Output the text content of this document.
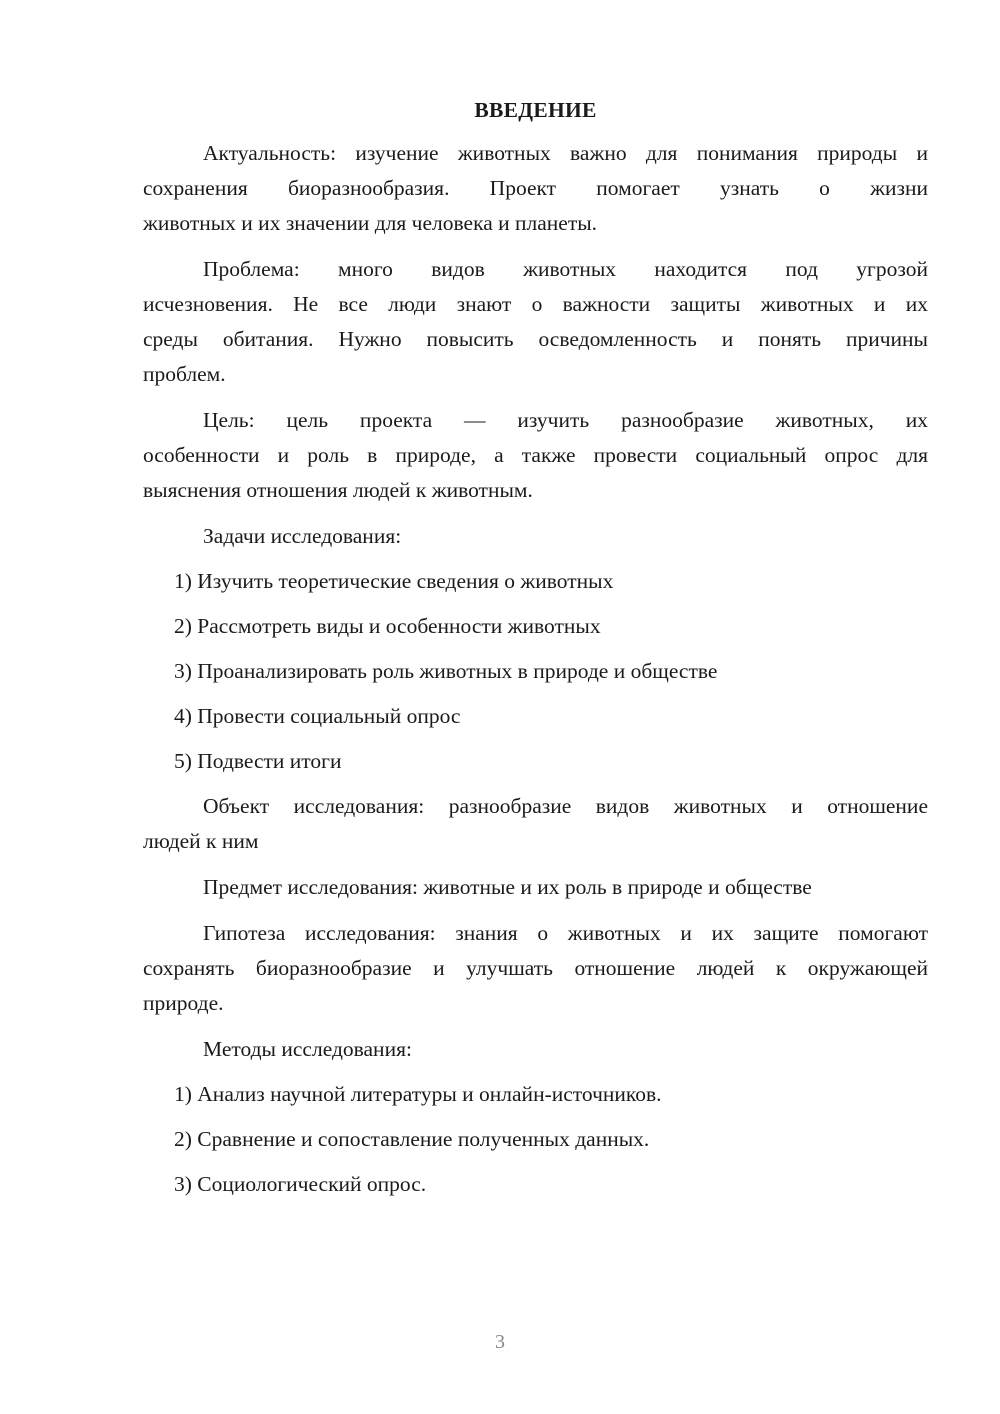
ВВЕДЕНИЕ
Актуальность: изучение животных важно для понимания природы и
сохранения биоразнообразия. Проект помогает узнать о жизни
животных и их значении для человека и планеты.
Проблема: много видов животных находится под угрозой
исчезновения. Не все люди знают о важности защиты животных и их
среды обитания. Нужно повысить осведомленность и понять причины
проблем.
Цель: цель проекта — изучить разнообразие животных, их
особенности и роль в природе, а также провести социальный опрос для
выяснения отношения людей к животным.
Задачи исследования:
1) Изучить теоретические сведения о животных
2) Рассмотреть виды и особенности животных
3) Проанализировать роль животных в природе и обществе
4) Провести социальный опрос
5) Подвести итоги
Объект исследования: разнообразие видов животных и отношение
людей к ним
Предмет исследования: животные и их роль в природе и обществе
Гипотеза исследования: знания о животных и их защите помогают
сохранять биоразнообразие и улучшать отношение людей к окружающей
природе.
Методы исследования:
1) Анализ научной литературы и онлайн-источников.
2) Сравнение и сопоставление полученных данных.
3) Социологический опрос.
3
